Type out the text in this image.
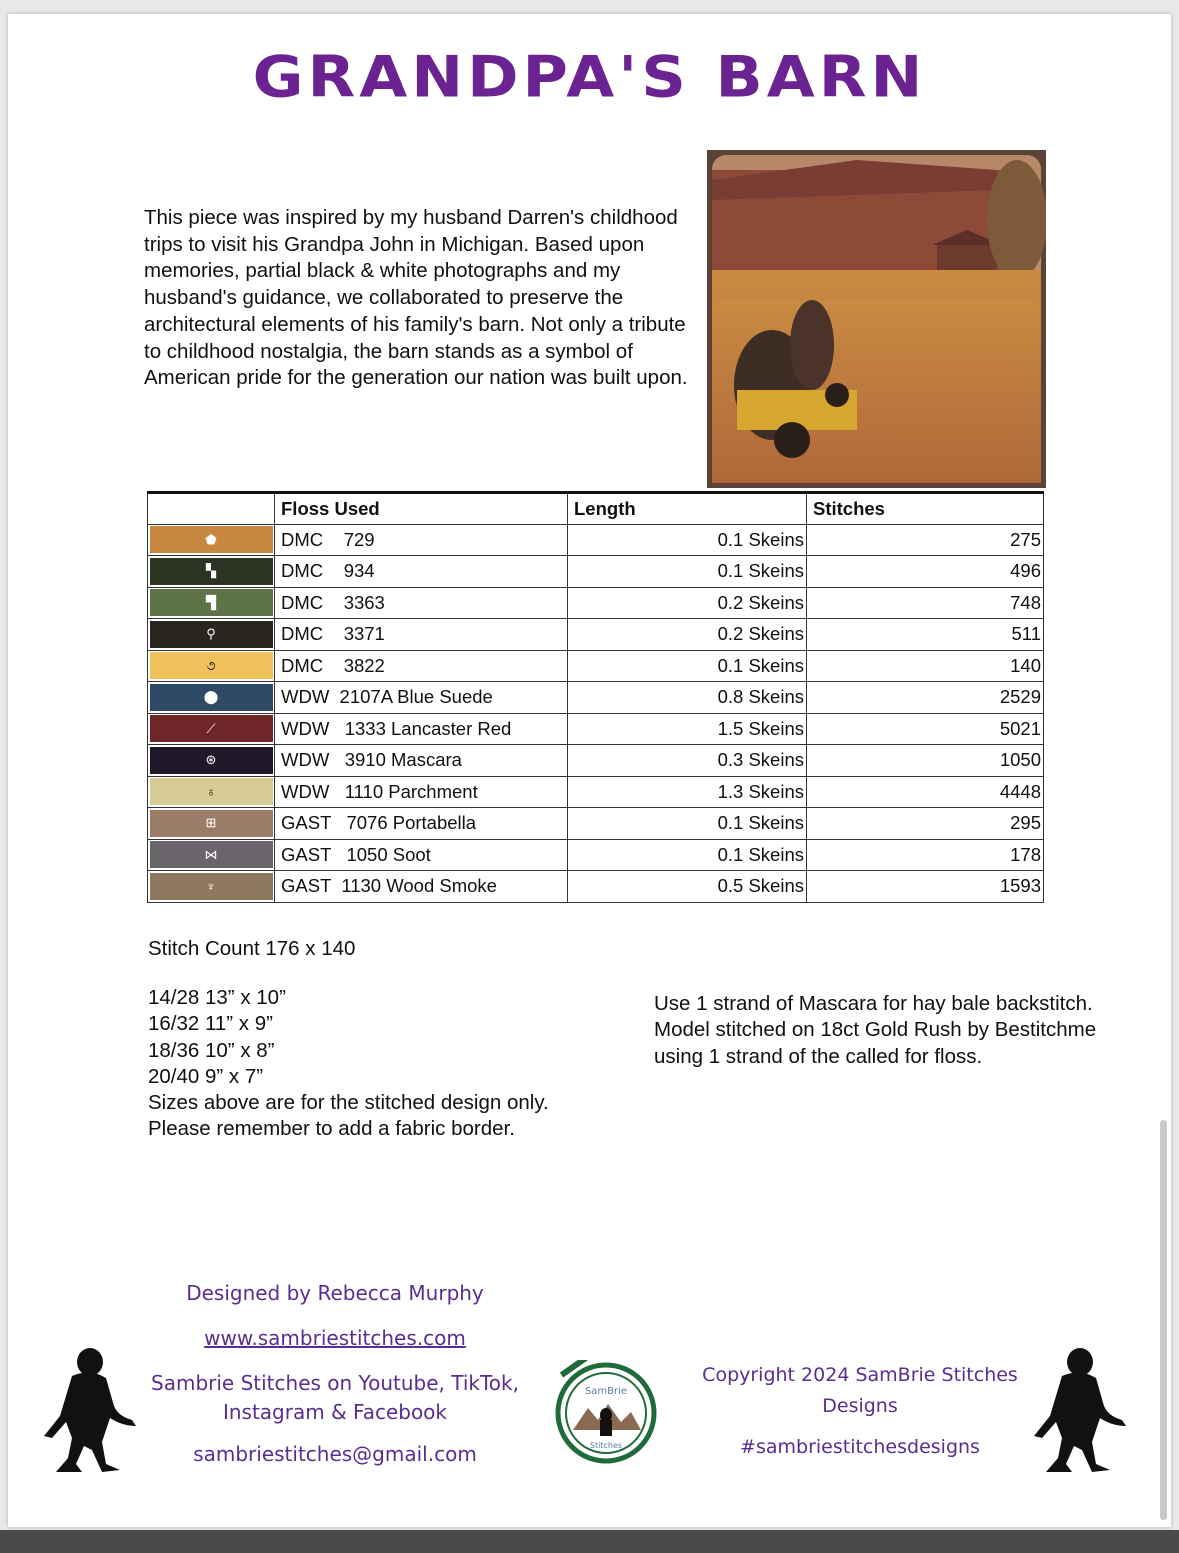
GRANDPA'S BARN
This piece was inspired by my husband Darren's childhood trips to visit his Grandpa John in Michigan. Based upon memories, partial black & white photographs and my husband's guidance, we collaborated to preserve the architectural elements of his family's barn. Not only a tribute to childhood nostalgia, the barn stands as a symbol of American pride for the generation our nation was built upon.
	Floss Used	Length	Stitches

⬟	DMC    729	0.1 Skeins	275

▚	DMC    934	0.1 Skeins	496

▜	DMC    3363	0.2 Skeins	748

⚲	DMC    3371	0.2 Skeins	511

૭	DMC    3822	0.1 Skeins	140

⬤	WDW  2107A Blue Suede	0.8 Skeins	2529

⟋	WDW   1333 Lancaster Red	1.5 Skeins	5021

⊛	WDW   3910 Mascara	0.3 Skeins	1050

♁	WDW   1110 Parchment	1.3 Skeins	4448

⊞	GAST   7076 Portabella	0.1 Skeins	295

⋈	GAST   1050 Soot	0.1 Skeins	178

♆	GAST  1130 Wood Smoke	0.5 Skeins	1593
Stitch Count 176 x 140
14/28 13” x 10”
16/32 11” x 9”
18/36 10” x 8”
20/40 9” x 7”
Sizes above are for the stitched design only.
Please remember to add a fabric border.
Use 1 strand of Mascara for hay bale backstitch.
Model stitched on 18ct Gold Rush by Bestitchme using 1 strand of the called for floss.
Designed by Rebecca Murphy
www.sambriestitches.com
Sambrie Stitches on Youtube, TikTok, Instagram & Facebook
sambriestitches@gmail.com
Copyright 2024 SamBrie Stitches Designs
#sambriestitchesdesigns
SamBrie
Stitches
